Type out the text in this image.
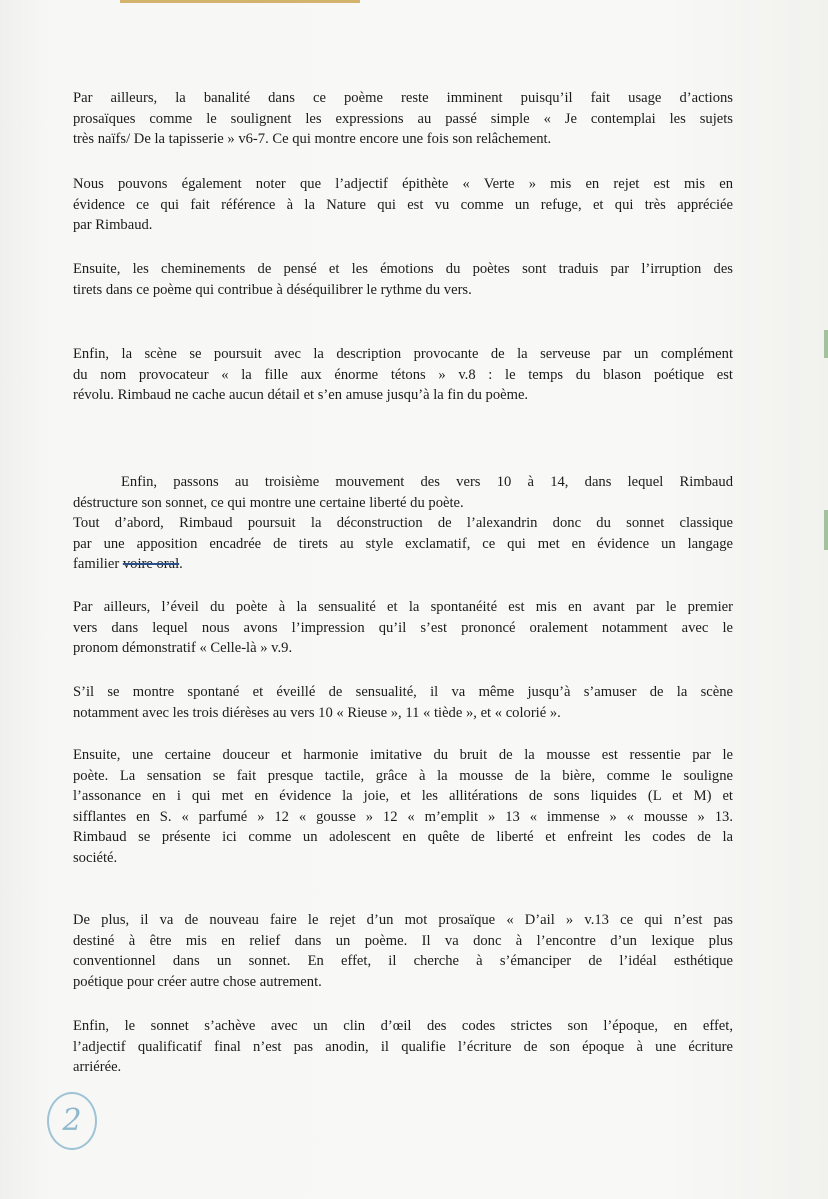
Par ailleurs, la banalité dans ce poème reste imminent puisqu’il fait usage d’actions
prosaïques comme le soulignent les expressions au passé simple « Je contemplai les sujets
très naïfs/ De la tapisserie » v6-7. Ce qui montre encore une fois son relâchement.
Nous pouvons également noter que l’adjectif épithète « Verte » mis en rejet est mis en
évidence ce qui fait référence à la Nature qui est vu comme un refuge, et qui très appréciée
par Rimbaud.
Ensuite, les cheminements de pensé et les émotions du poètes sont traduis par l’irruption des
tirets dans ce poème qui contribue à déséquilibrer le rythme du vers.
Enfin, la scène se poursuit avec la description provocante de la serveuse par un complément
du nom provocateur « la fille aux énorme tétons » v.8 : le temps du blason poétique est
révolu. Rimbaud ne cache aucun détail et s’en amuse jusqu’à la fin du poème.
Enfin, passons au troisième mouvement des vers 10 à 14, dans lequel Rimbaud
déstructure son sonnet, ce qui montre une certaine liberté du poète.
Tout d’abord, Rimbaud poursuit la déconstruction de l’alexandrin donc du sonnet classique
par une apposition encadrée de tirets au style exclamatif, ce qui met en évidence un langage
familier voire oral.
Par ailleurs, l’éveil du poète à la sensualité et la spontanéité est mis en avant par le premier
vers dans lequel nous avons l’impression qu’il s’est prononcé oralement notamment avec le
pronom démonstratif « Celle-là » v.9.
S’il se montre spontané et éveillé de sensualité, il va même jusqu’à s’amuser de la scène
notamment avec les trois diérèses au vers 10 « Rieuse », 11 « tiède », et « colorié ».
Ensuite, une certaine douceur et harmonie imitative du bruit de la mousse est ressentie par le
poète. La sensation se fait presque tactile, grâce à la mousse de la bière, comme le souligne
l’assonance en i qui met en évidence la joie, et les allitérations de sons liquides (L et M) et
sifflantes en S. « parfumé » 12 « gousse » 12 « m’emplit » 13 « immense » « mousse » 13.
Rimbaud se présente ici comme un adolescent en quête de liberté et enfreint les codes de la
société.
De plus, il va de nouveau faire le rejet d’un mot prosaïque « D’ail » v.13 ce qui n’est pas
destiné à être mis en relief dans un poème. Il va donc à l’encontre d’un lexique plus
conventionnel dans un sonnet. En effet, il cherche à s’émanciper de l’idéal esthétique
poétique pour créer autre chose autrement.
Enfin, le sonnet s’achève avec un clin d’œil des codes strictes son l’époque, en effet,
l’adjectif qualificatif final n’est pas anodin, il qualifie l’écriture de son époque à une écriture
arriérée.
2
